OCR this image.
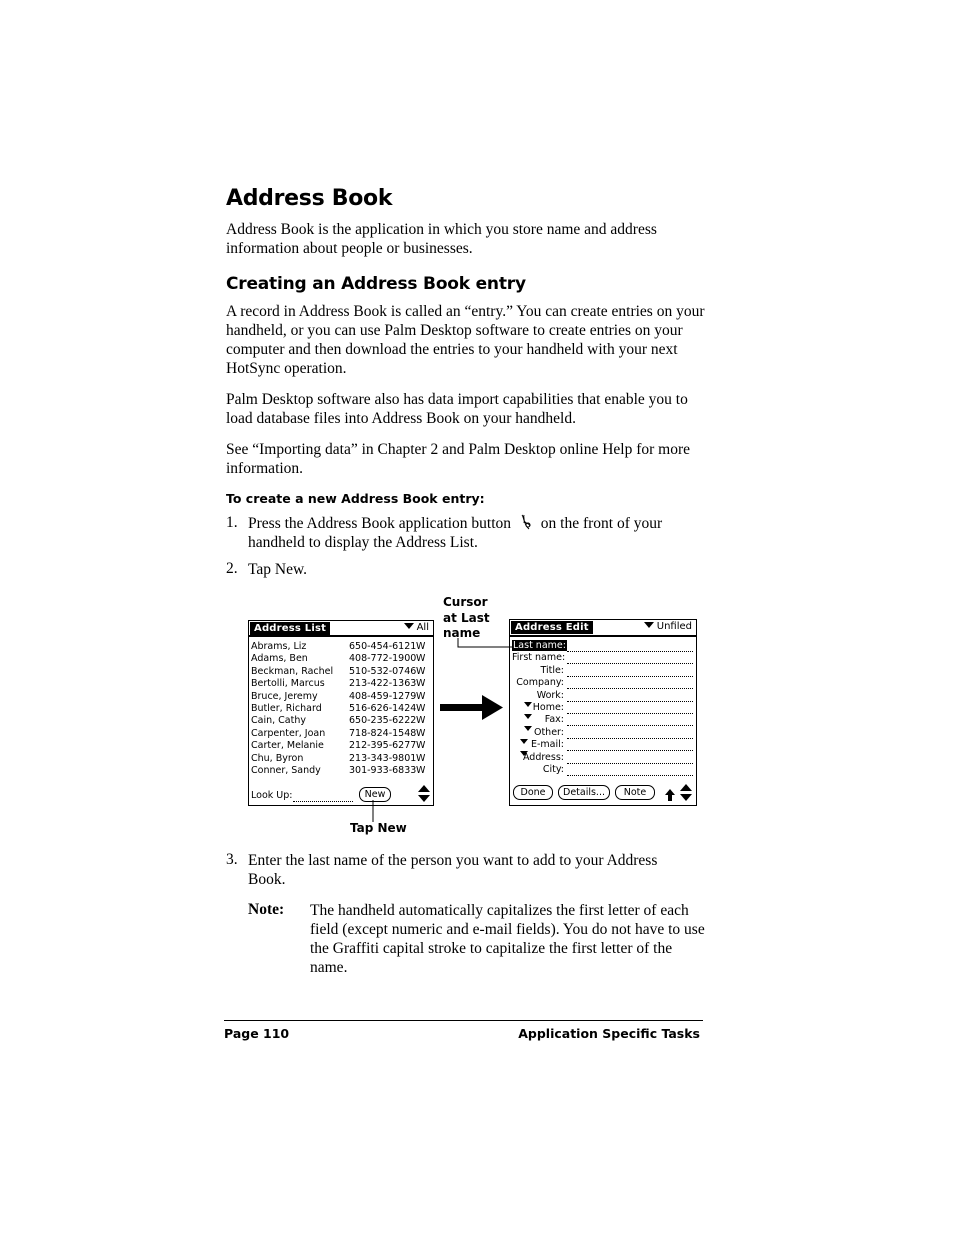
Address Book

Address Book is the application in which you store name and address information about people or businesses.

Creating an Address Book entry

A record in Address Book is called an “entry.” You can create entries on your handheld, or you can use Palm Desktop software to create entries on your computer and then download the entries to your handheld with your next HotSync operation.

Palm Desktop software also has data import capabilities that enable you to load database files into Address Book on your handheld.

See “Importing data” in Chapter 2 and Palm Desktop online Help for more information.

To create a new Address Book entry:
1. Press the Address Book application button on the front of your handheld to display the Address List.

2. Tap New.

Cursor
at Last
name
Address List	All
Abrams, Liz	650-454-6121 W
Adams, Ben	408-772-1900 W
Beckman, Rachel 510-532-0746 W
Bertolli, Marcus	213-422-1363 W
Bruce, Jeremy	408-459-1279 W
Butler, Richard	516-626-1424 W
Cain, Cathy	650-235-6222 W
Carpenter, Joan	718-824-1548 W
Carter, Melanie	212-395-6277 W
Chu, Byron	213-343-9801 W
Conner, Sandy	301-933-6833 W
Look Up:	New
Address Edit	Unfiled
Last name:
First name:
Title:
Company:
Work:
Home:
Fax:
Other:
E-mail:
Address:
City:
Done	Details...	Note
Tap New
3. Enter the last name of the person you want to add to your Address Book.

Note: The handheld automatically capitalizes the first letter of each field (except numeric and e-mail fields). You do not have to use the Graffiti capital stroke to capitalize the first letter of the name.

Page 110	Application Specific Tasks
